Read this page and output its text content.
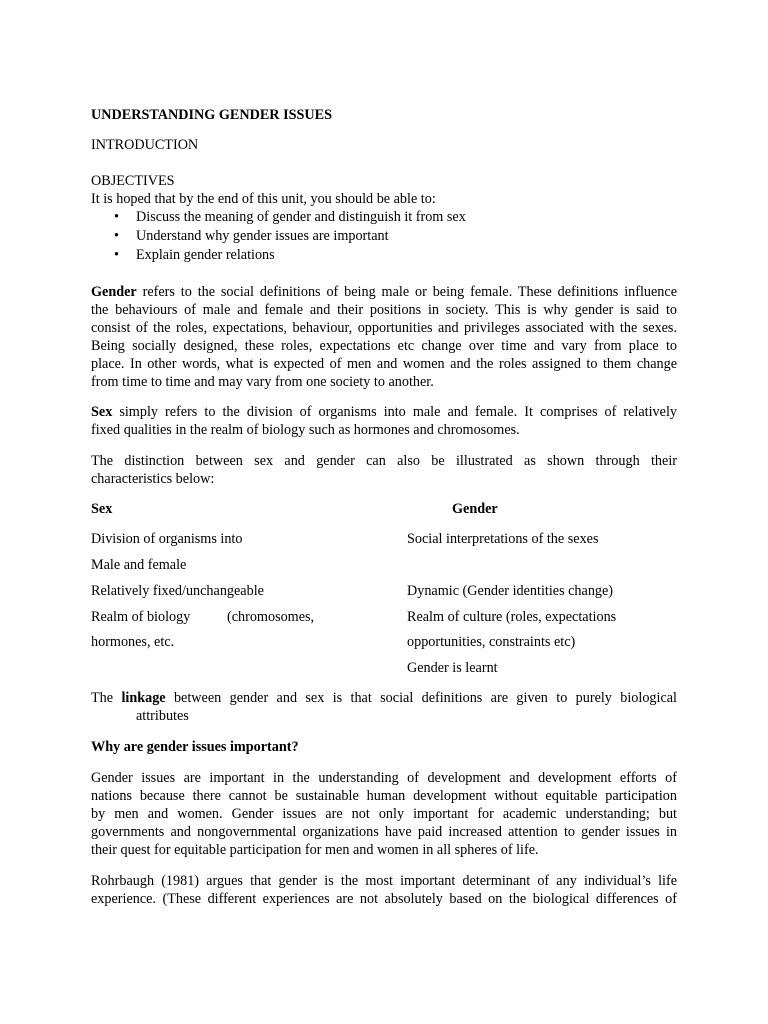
UNDERSTANDING GENDER ISSUES
INTRODUCTION
OBJECTIVES
It is hoped that by the end of this unit, you should be able to:
• Discuss the meaning of gender and distinguish it from sex
• Understand why gender issues are important
• Explain gender relations
Gender refers to the social definitions of being male or being female. These definitions influence
the behaviours of male and female and their positions in society. This is why gender is said to
consist of the roles, expectations, behaviour, opportunities and privileges associated with the sexes.
Being socially designed, these roles, expectations etc change over time and vary from place to
place. In other words, what is expected of men and women and the roles assigned to them change
from time to time and may vary from one society to another.
Sex simply refers to the division of organisms into male and female. It comprises of relatively
fixed qualities in the realm of biology such as hormones and chromosomes.
The distinction between sex and gender can also be illustrated as shown through their
characteristics below:
Sex	Gender
Division of organisms into
Male and female
Relatively fixed/unchangeable
Realm of biology	(chromosomes,
hormones, etc.
Social interpretations of the sexes
Dynamic (Gender identities change)
Realm of culture (roles, expectations
opportunities, constraints etc)
Gender is learnt
The linkage between gender and sex is that social definitions are given to purely biological
attributes
Why are gender issues important?
Gender issues are important in the understanding of development and development efforts of
nations because there cannot be sustainable human development without equitable participation
by men and women. Gender issues are not only important for academic understanding; but
governments and nongovernmental organizations have paid increased attention to gender issues in
their quest for equitable participation for men and women in all spheres of life.
Rohrbaugh (1981) argues that gender is the most important determinant of any individual’s life
experience. (These different experiences are not absolutely based on the biological differences of
